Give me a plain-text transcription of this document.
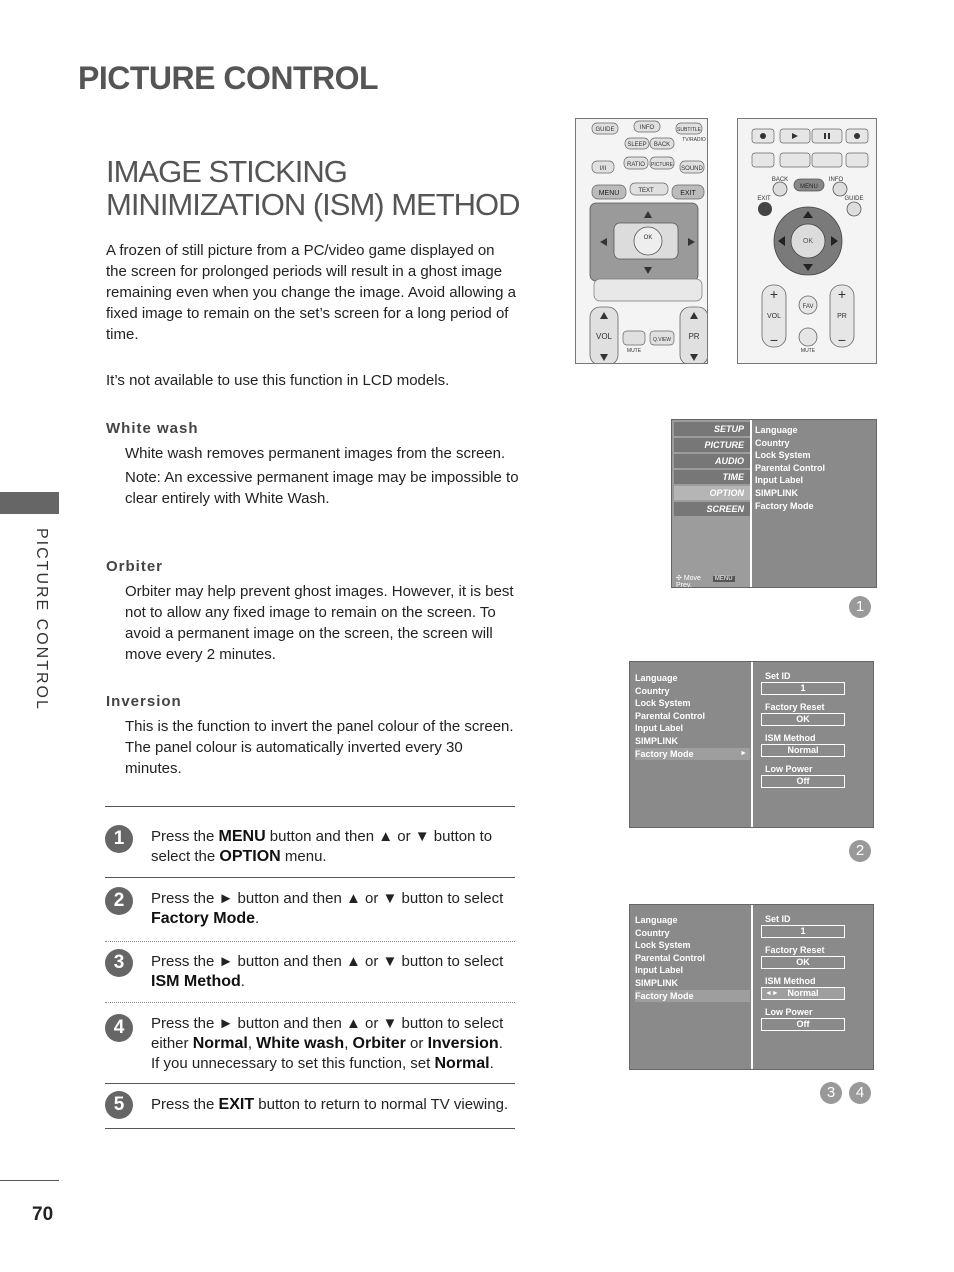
PICTURE CONTROL
PICTURE CONTROL
70
IMAGE STICKING MINIMIZATION (ISM) METHOD
A frozen of still picture from a PC/video game displayed on the screen for prolonged periods will result in a ghost image remaining even when you change the image. Avoid allowing a fixed image to remain on the set’s screen for a long period of time.
It’s not available to use this function in LCD models.
White wash

White wash removes permanent images from the screen.

Note: An excessive permanent image may be impossible to clear entirely with White Wash.

Orbiter

Orbiter may help prevent ghost images. However, it is best not to allow any fixed image to remain on the screen. To avoid a permanent image on the screen, the screen will move every 2 minutes.

Inversion

This is the function to invert the panel colour of the screen. The panel colour is automatically inverted every 30 minutes.

1	Press the MENU button and then ▲ or ▼ button to select the OPTION menu.
2	Press the ► button and then ▲ or ▼ button to select Factory Mode.
3	Press the ► button and then ▲ or ▼ button to select ISM Method.
4	Press the ► button and then ▲ or ▼ button to select either Normal, White wash, Orbiter or Inversion. If you unnecessary to set this function, set Normal.
5	Press the EXIT button to return to normal TV viewing.
GUIDE	INFO	SUBTITLE
SLEEP BACK
TV/RADIO
I/II
RATIO PICTURE
SOUND
MENU	TEXT	EXIT
OK
VOL	PR
Q.VIEW
MUTE
+
−
+
−
BACK
MENU
INFO
EXIT	GUIDE
OK
VOL
FAV
PR
MUTE
SETUP
PICTURE
AUDIO
TIME
OPTION
SCREEN
✣ Move MENU Prev.
Language
Country
Lock System
Parental Control
Input Label
SIMPLINK
Factory Mode
1
Language
Country
Lock System
Parental Control
Input Label
SIMPLINK
Factory Mode	►
Set ID
1
Factory Reset
OK
ISM Method
Normal
Low Power
Off
2
Language
Country
Lock System
Parental Control
Input Label
SIMPLINK
Factory Mode
Set ID
1
Factory Reset
OK
ISM Method
◄► Normal
Low Power
Off
3	4
